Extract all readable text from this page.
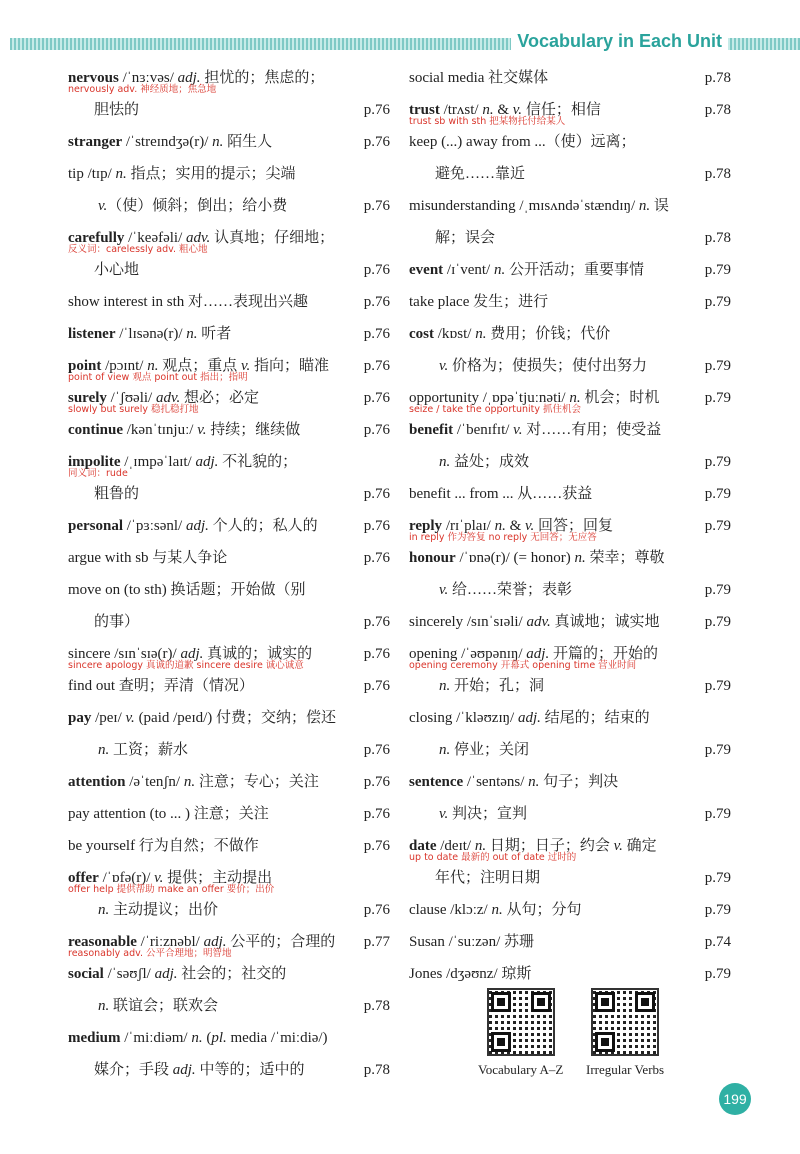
Vocabulary in Each Unit
nervous /ˈnɜːvəs/ adj. 担忧的；焦虑的；
nervously adv. 神经质地；焦急地
胆怯的	p.76
stranger /ˈstreɪndʒə(r)/ n. 陌生人	p.76
tip /tɪp/ n. 指点；实用的提示；尖端
v.（使）倾斜；倒出；给小费	p.76
carefully /ˈkeəfəli/ adv. 认真地；仔细地；
反义词：carelessly adv. 粗心地
小心地	p.76
show interest in sth 对……表现出兴趣	p.76
listener /ˈlɪsənə(r)/ n. 听者	p.76
point /pɔɪnt/ n. 观点；重点 v. 指向；瞄准 p.76
point of view 观点 point out 指出；指明
surely /ˈʃʊəli/ adv. 想必；必定	p.76
slowly but surely 稳扎稳打地
continue /kənˈtɪnjuː/ v. 持续；继续做	p.76
impolite /ˌɪmpəˈlaɪt/ adj. 不礼貌的；
同义词：rude
粗鲁的	p.76
personal /ˈpɜːsənl/ adj. 个人的；私人的	p.76
argue with sb 与某人争论	p.76
move on (to sth) 换话题；开始做（别
的事）	p.76
sincere /sɪnˈsɪə(r)/ adj. 真诚的；诚实的	p.76
sincere apology 真诚的道歉 sincere desire 诚心诚意
find out 查明；弄清（情况）	p.76
pay /peɪ/ v. (paid /peɪd/) 付费；交纳；偿还
n. 工资；薪水	p.76
attention /əˈtenʃn/ n. 注意；专心；关注	p.76
pay attention (to ... ) 注意；关注	p.76
be yourself 行为自然；不做作	p.76
offer /ˈɒfə(r)/ v. 提供；主动提出
offer help 提供帮助 make an offer 要价；出价
n. 主动提议；出价	p.76
reasonable /ˈriːznəbl/ adj. 公平的；合理的 p.77
reasonably adv. 公平合理地；明智地
social /ˈsəʊʃl/ adj. 社会的；社交的
n. 联谊会；联欢会	p.78
medium /ˈmiːdiəm/ n. (pl. media /ˈmiːdiə/)
媒介；手段 adj. 中等的；适中的	p.78
social media 社交媒体	p.78
trust /trʌst/ n. & v. 信任；相信	p.78
trust sb with sth 把某物托付给某人
keep (...) away from ...（使）远离；
避免……靠近	p.78
misunderstanding /ˌmɪsʌndəˈstændɪŋ/ n. 误
解；误会	p.78
event /ɪˈvent/ n. 公开活动；重要事情	p.79
take place 发生；进行	p.79
cost /kɒst/ n. 费用；价钱；代价
v. 价格为；使损失；使付出努力	p.79
opportunity /ˌɒpəˈtjuːnəti/ n. 机会；时机	p.79
seize / take the opportunity 抓住机会
benefit /ˈbenɪfɪt/ v. 对……有用；使受益
n. 益处；成效	p.79
benefit ... from ... 从……获益	p.79
reply /rɪˈplaɪ/ n. & v. 回答；回复	p.79
in reply 作为答复 no reply 无回答；无应答
honour /ˈɒnə(r)/ (= honor) n. 荣幸；尊敬
v. 给……荣誉；表彰	p.79
sincerely /sɪnˈsɪəli/ adv. 真诚地；诚实地	p.79
opening /ˈəʊpənɪŋ/ adj. 开篇的；开始的
opening ceremony 开幕式 opening time 营业时间
n. 开始；孔；洞	p.79
closing /ˈkləʊzɪŋ/ adj. 结尾的；结束的
n. 停业；关闭	p.79
sentence /ˈsentəns/ n. 句子；判决
v. 判决；宣判	p.79
date /deɪt/ n. 日期；日子；约会 v. 确定
up to date 最新的 out of date 过时的
年代；注明日期	p.79
clause /klɔːz/ n. 从句；分句	p.79
Susan /ˈsuːzən/ 苏珊	p.74
Jones /dʒəʊnz/ 琼斯	p.79
Vocabulary A–Z Irregular Verbs
199
